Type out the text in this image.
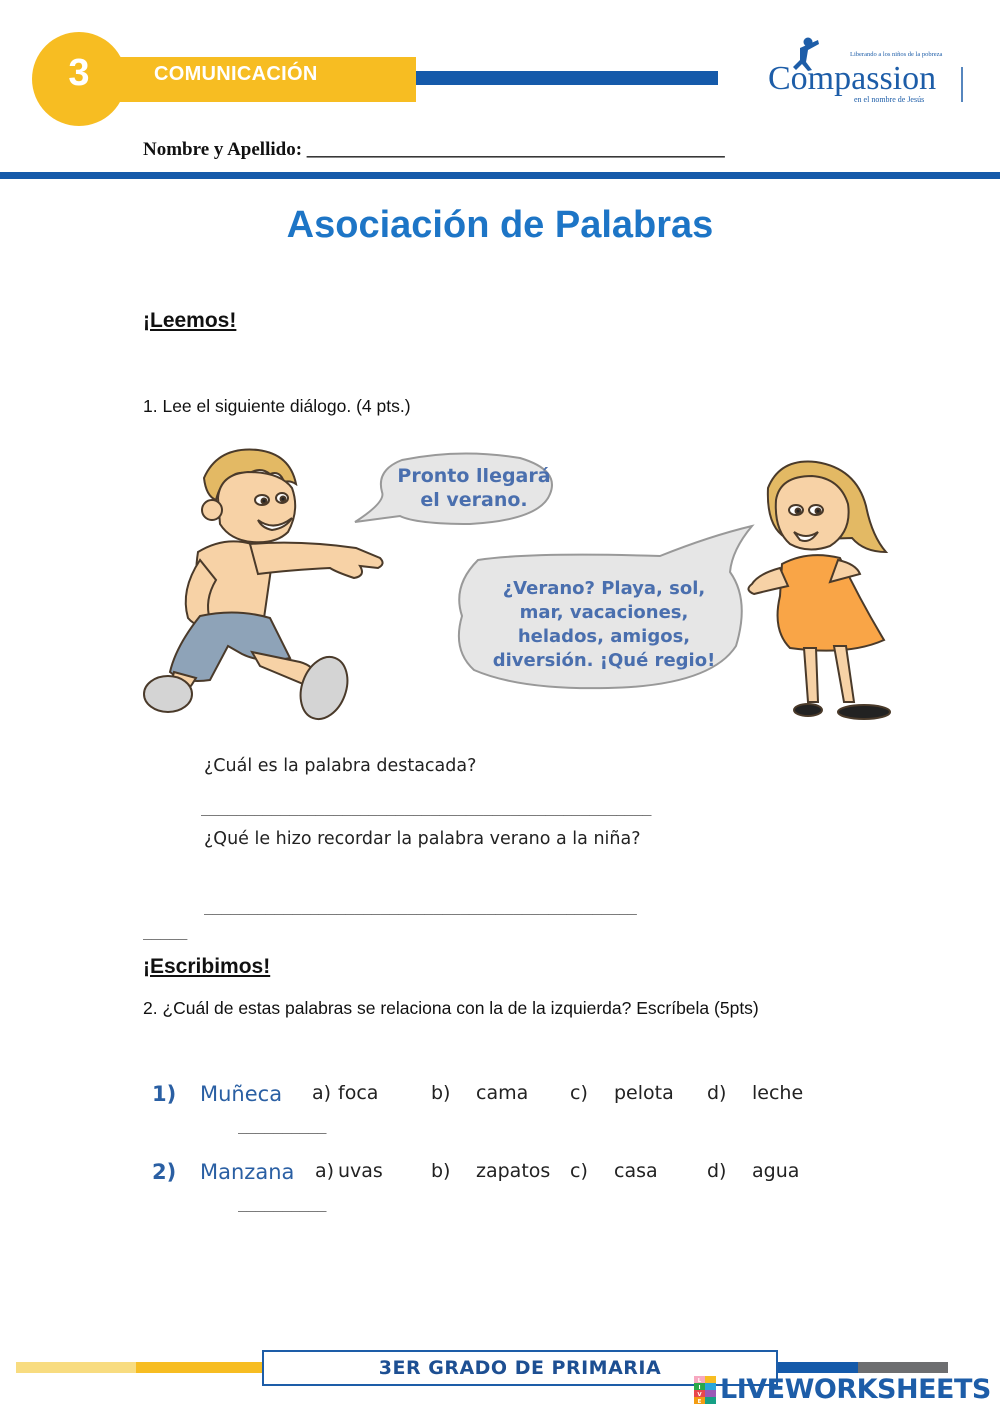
3	COMUNICACIÓN
Liberando a los niños de la pobreza
Compassion
en el nombre de Jesús
Nombre y Apellido: ____________________________________________
Asociación de Palabras
¡Leemos!
1. Lee el siguiente diálogo. (4 pts.)
Pronto llegará
el verano.
¿Verano? Playa, sol,
mar, vacaciones,
helados, amigos,
diversión. ¡Qué regio!
¿Cuál es la palabra destacada?
___________________________________________________
¿Qué le hizo recordar la palabra verano a la niña?
_________________________________________________
_____
¡Escribimos!
2. ¿Cuál de estas palabras se relaciona con la de la izquierda? Escríbela (5pts)
1) Muñeca a) foca	b) cama c) pelota d) leche
__________
2) Manzana a) uvas	b) zapatos c) casa	d) agua
__________
3ER GRADO DE PRIMARIA
L
I
V
E LIVEWORKSHEETS
